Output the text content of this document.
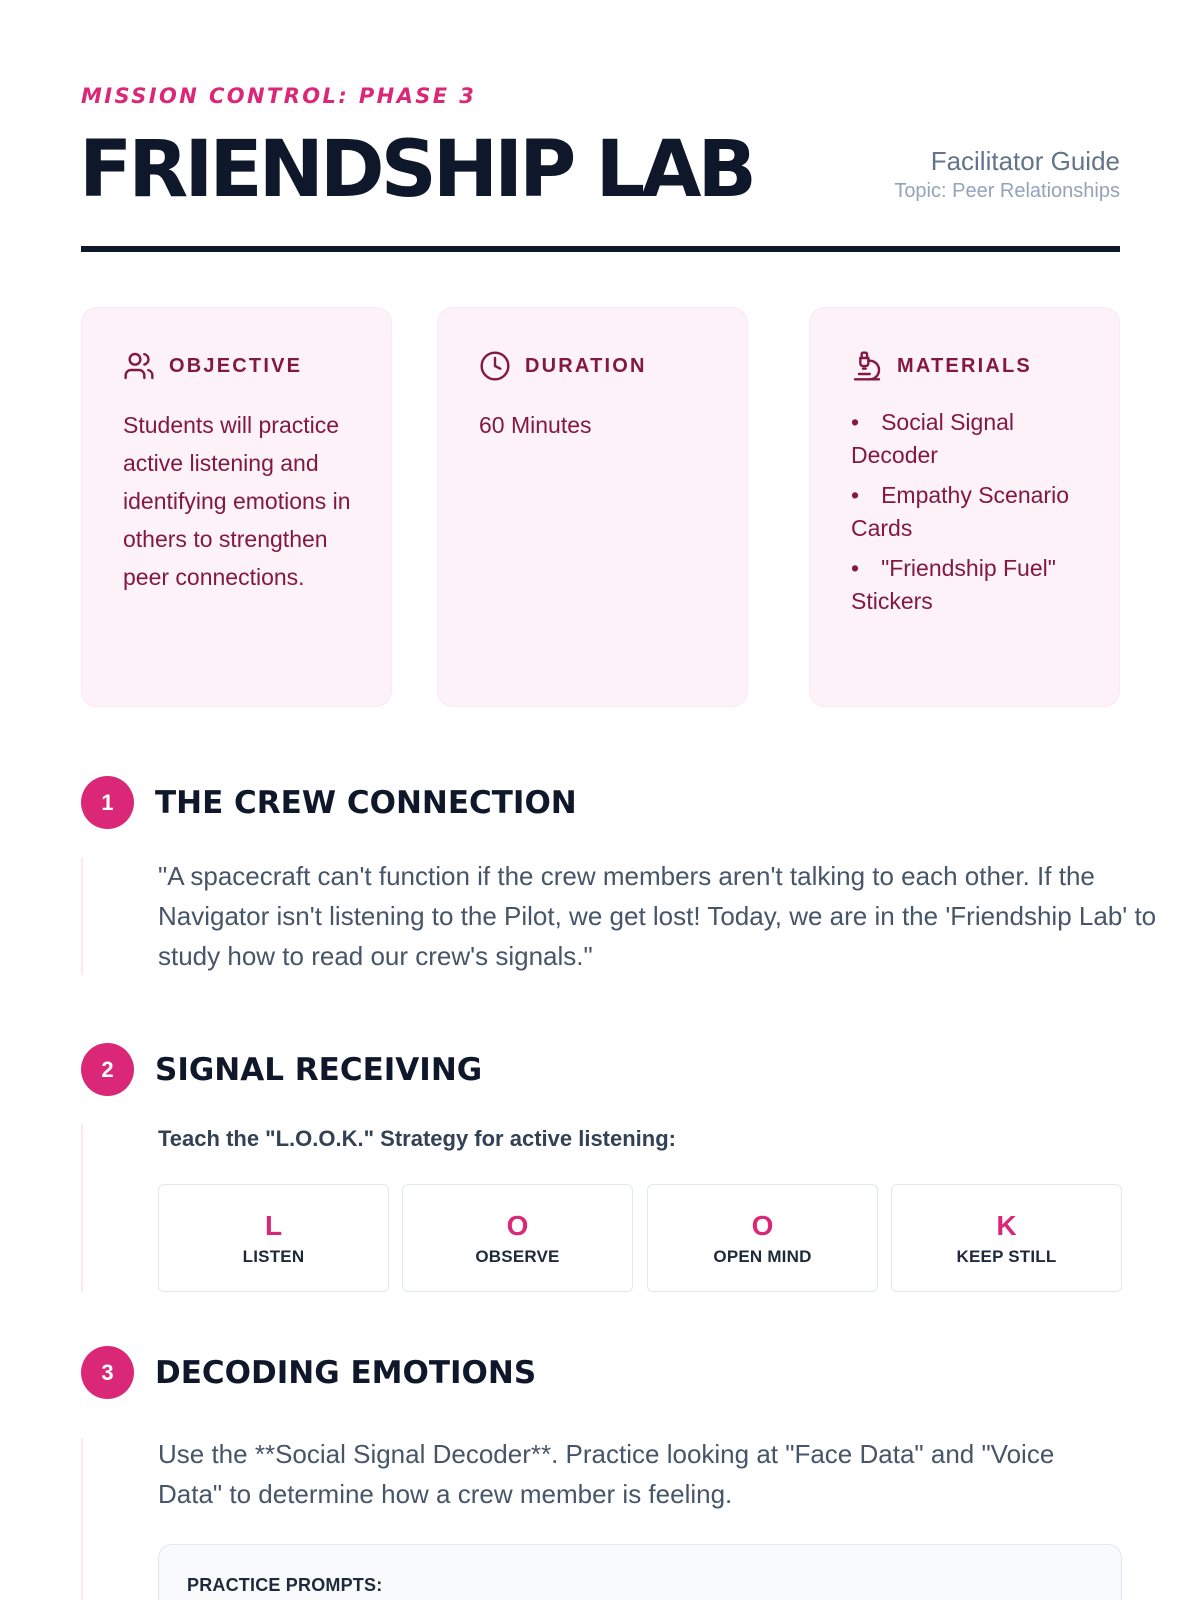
MISSION CONTROL: PHASE 3
FRIENDSHIP LAB	Facilitator Guide
Topic: Peer Relationships
OBJECTIVE
Students will practice active listening and identifying emotions in others to strengthen peer connections.
DURATION
60 Minutes
MATERIALS
• Social Signal Decoder
• Empathy Scenario Cards
• "Friendship Fuel" Stickers
1	THE CREW CONNECTION
"A spacecraft can't function if the crew members aren't talking to each other. If the Navigator isn't listening to the Pilot, we get lost! Today, we are in the 'Friendship Lab' to study how to read our crew's signals."
2	SIGNAL RECEIVING
Teach the "L.O.O.K." Strategy for active listening:
L
LISTEN
O
OBSERVE
O
OPEN MIND
K
KEEP STILL
3	DECODING EMOTIONS
Use the **Social Signal Decoder**. Practice looking at "Face Data" and "Voice Data" to determine how a crew member is feeling.
PRACTICE PROMPTS:
